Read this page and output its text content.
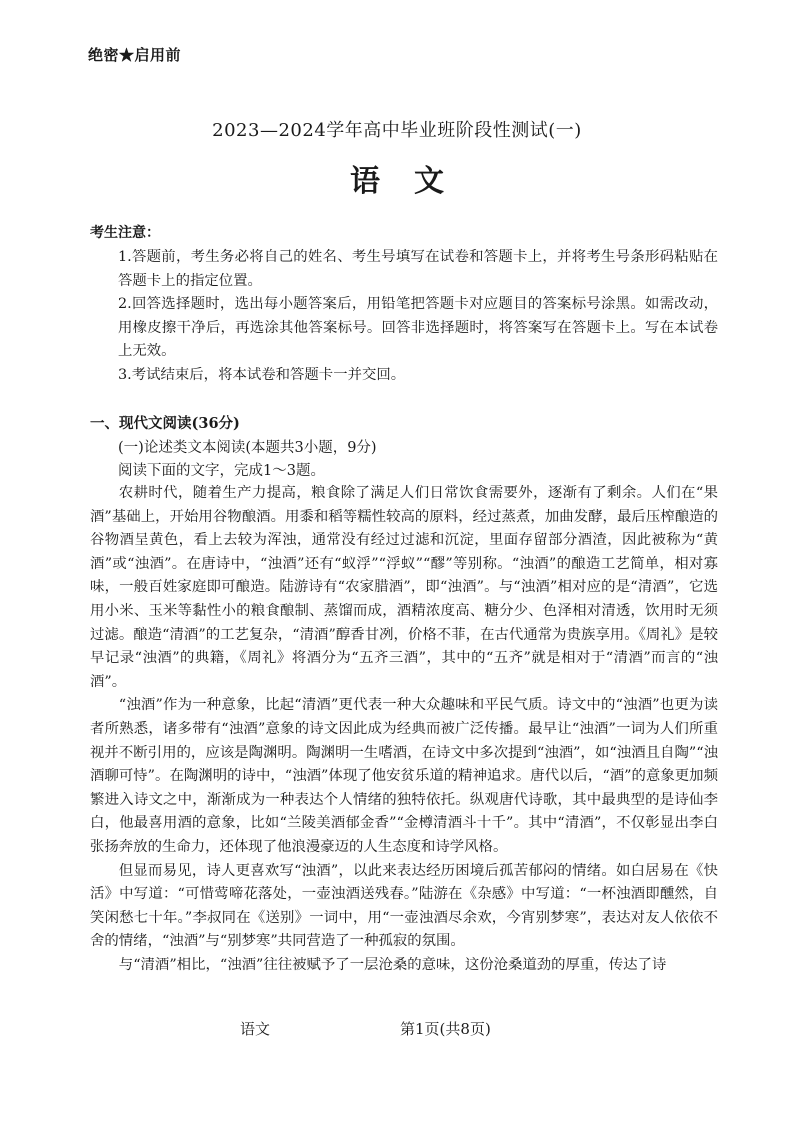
绝密★启用前
2023—2024学年高中毕业班阶段性测试(一)
语文
考生注意：

1.答题前，考生务必将自己的姓名、考生号填写在试卷和答题卡上，并将考生号条形码粘贴在答题卡上的指定位置。

2.回答选择题时，选出每小题答案后，用铅笔把答题卡对应题目的答案标号涂黑。如需改动，用橡皮擦干净后，再选涂其他答案标号。回答非选择题时，将答案写在答题卡上。写在本试卷上无效。

3.考试结束后，将本试卷和答题卡一并交回。

一、现代文阅读(36分)
(一)论述类文本阅读(本题共3小题，9分)
阅读下面的文字，完成1～3题。

农耕时代，随着生产力提高，粮食除了满足人们日常饮食需要外，逐渐有了剩余。人们在“果酒”基础上，开始用谷物酿酒。用黍和稻等糯性较高的原料，经过蒸煮，加曲发酵，最后压榨酿造的谷物酒呈黄色，看上去较为浑浊，通常没有经过过滤和沉淀，里面存留部分酒渣，因此被称为“黄酒”或“浊酒”。在唐诗中，“浊酒”还有“蚁浮”“浮蚁”“醪”等别称。“浊酒”的酿造工艺简单，相对寡味，一般百姓家庭即可酿造。陆游诗有“农家腊酒”，即“浊酒”。与“浊酒”相对应的是“清酒”，它选用小米、玉米等黏性小的粮食酿制、蒸馏而成，酒精浓度高、糖分少、色泽相对清透，饮用时无须过滤。酿造“清酒”的工艺复杂，“清酒”醇香甘冽，价格不菲，在古代通常为贵族享用。《周礼》是较早记录“浊酒”的典籍，《周礼》将酒分为“五齐三酒”，其中的“五齐”就是相对于“清酒”而言的“浊酒”。

“浊酒”作为一种意象，比起“清酒”更代表一种大众趣味和平民气质。诗文中的“浊酒”也更为读者所熟悉，诸多带有“浊酒”意象的诗文因此成为经典而被广泛传播。最早让“浊酒”一词为人们所重视并不断引用的，应该是陶渊明。陶渊明一生嗜酒，在诗文中多次提到“浊酒”，如“浊酒且自陶”“浊酒聊可恃”。在陶渊明的诗中，“浊酒”体现了他安贫乐道的精神追求。唐代以后，“酒”的意象更加频繁进入诗文之中，渐渐成为一种表达个人情绪的独特依托。纵观唐代诗歌，其中最典型的是诗仙李白，他最喜用酒的意象，比如“兰陵美酒郁金香”“金樽清酒斗十千”。其中“清酒”，不仅彰显出李白张扬奔放的生命力，还体现了他浪漫豪迈的人生态度和诗学风格。

但显而易见，诗人更喜欢写“浊酒”，以此来表达经历困境后孤苦郁闷的情绪。如白居易在《快活》中写道：“可惜莺啼花落处，一壶浊酒送残春。”陆游在《杂感》中写道：“一杯浊酒即醺然，自笑闲愁七十年。”李叔同在《送别》一词中，用“一壶浊酒尽余欢，今宵别梦寒”，表达对友人依依不舍的情绪，“浊酒”与“别梦寒”共同营造了一种孤寂的氛围。

与“清酒”相比，“浊酒”往往被赋予了一层沧桑的意味，这份沧桑道劲的厚重，传达了诗

语文	第1页(共8页)
